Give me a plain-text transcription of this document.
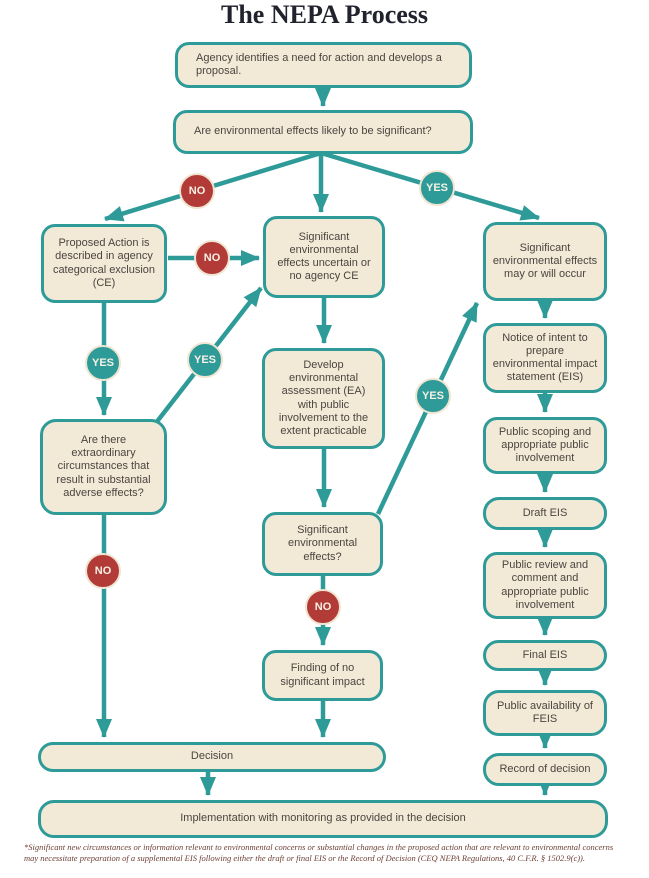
The NEPA Process
Agency identifies a need for action and develops a proposal.
Are environmental effects likely to be significant?
Proposed Action is described in agency categorical exclusion (CE)
Significant environmental effects uncertain or no agency CE
Significant environmental effects may or will occur
Are there extraordinary circumstances that result in substantial adverse effects?
Develop environmental assessment (EA) with public involvement to the extent practicable
Significant environmental effects?
Finding of no significant impact
Notice of intent to prepare environmental impact statement (EIS)
Public scoping and appropriate public involvement
Draft EIS
Public review and comment and appropriate public involvement
Final EIS
Public availability of FEIS
Record of decision
Decision
Implementation with monitoring as provided in the decision
NO	YES
NO
YES	YES
YES
NO
NO
*Significant new circumstances or information relevant to environmental concerns or substantial changes in the proposed action that are relevant to environmental concerns may necessitate preparation of a supplemental EIS following either the draft or final EIS or the Record of Decision (CEQ NEPA Regulations, 40 C.F.R. § 1502.9(c)).
